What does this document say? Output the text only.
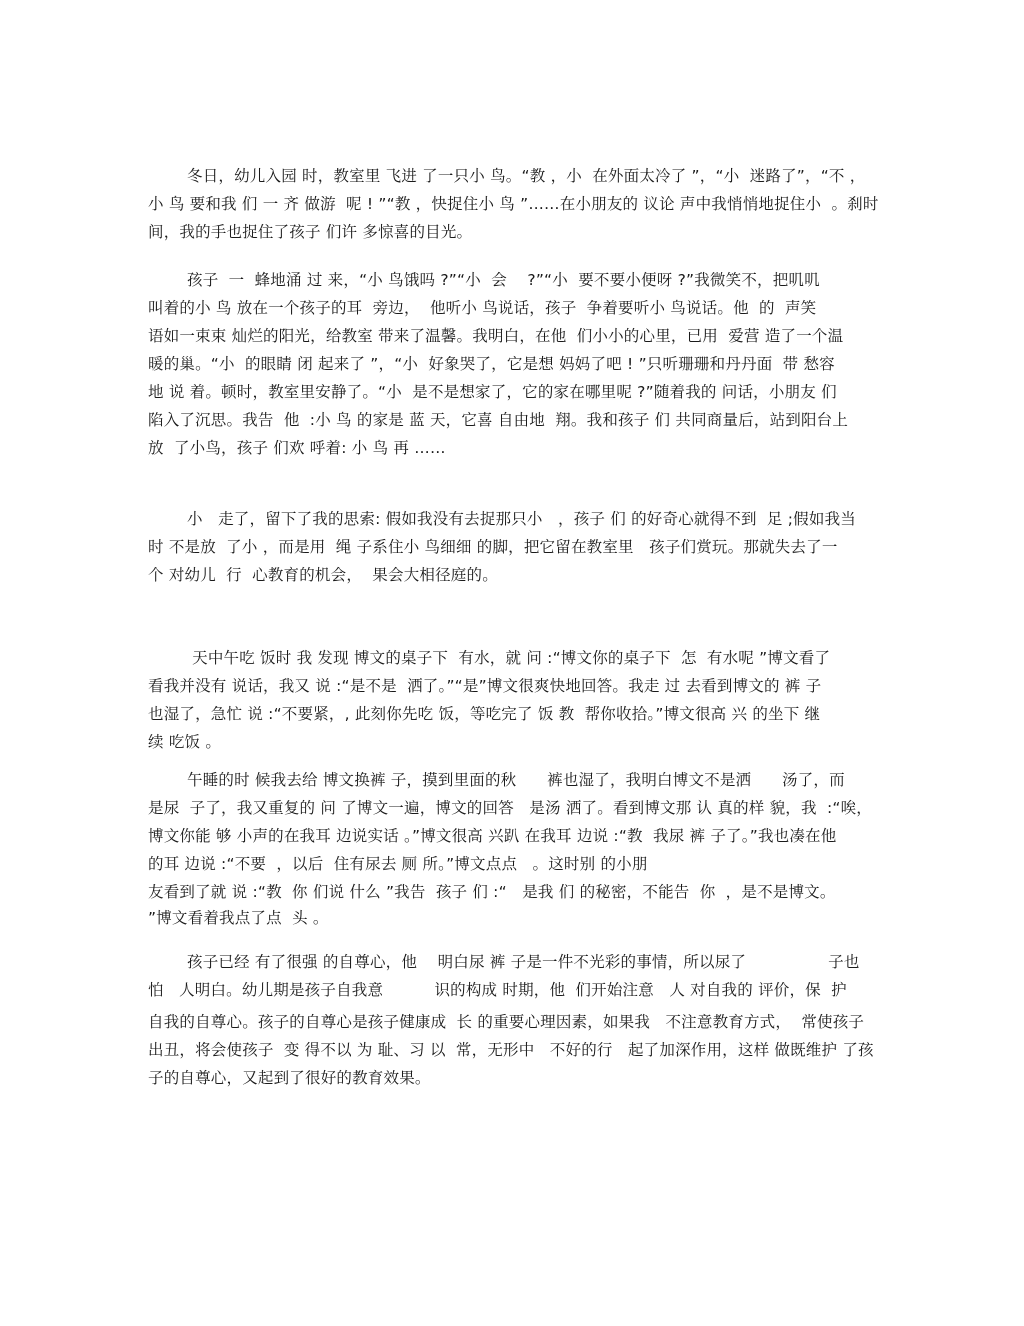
冬日，幼儿入园 时，教室里 飞进 了一只小 鸟。“教 ，小  在外面太冷了 ”，“小  迷路了”，“不 ，
小 鸟 要和我 们 一 齐 做游  呢 ! ”“教 ，快捉住小 鸟 ”……在小朋友的 议论 声中我悄悄地捉住小  。刹时
间，我的手也捉住了孩子 们许 多惊喜的目光。
孩子  一  蜂地涌 过 来，“小 鸟饿吗 ?”“小  会    ?”“小  要不要小便呀 ?”我微笑不，把叽叽
叫着的小 鸟 放在一个孩子的耳  旁边，  他听小 鸟说话，孩子  争着要听小 鸟说话。他  的  声笑
语如一束束 灿烂的阳光，给教室 带来了温馨。我明白，在他  们小小的心里，已用  爱营 造了一个温
暖的巢。“小  的眼睛 闭 起来了 ”，“小  好象哭了，它是想 妈妈了吧 ! ”只听珊珊和丹丹面  带 愁容
地 说 着。顿时，教室里安静了。“小  是不是想家了，它的家在哪里呢 ?”随着我的 问话，小朋友 们
陷入了沉思。我告  他  :小 鸟 的家是 蓝 天，它喜 自由地  翔。我和孩子 们 共同商量后，站到阳台上
放  了小鸟，孩子 们欢 呼着: 小 鸟 再 ……
小   走了，留下了我的思索: 假如我没有去捉那只小   ，孩子 们 的好奇心就得不到  足 ;假如我当
时 不是放  了小 ，而是用  绳 子系住小 鸟细细 的脚，把它留在教室里   孩子们赏玩。那就失去了一
个 对幼儿  行  心教育的机会，  果会大相径庭的。
天中午吃 饭时 我 发现 博文的桌子下  有水，就 问 :“博文你的桌子下  怎  有水呢 ”博文看了
看我并没有 说话，我又 说 :“是不是  洒了。”“是”博文很爽快地回答。我走 过 去看到博文的 裤 子
也湿了，急忙 说 :“不要紧，, 此刻你先吃 饭，等吃完了 饭 教  帮你收拾。”博文很高 兴 的坐下 继
续 吃饭 。
午睡的时 候我去给 博文换裤 子，摸到里面的秋      裤也湿了，我明白博文不是洒      汤了，而
是尿  子了，我又重复的 问 了博文一遍，博文的回答   是汤 洒了。看到博文那 认 真的样 貌，我  :“唉，
博文你能 够 小声的在我耳 边说实话 。”博文很高 兴趴 在我耳 边说 :“教  我尿 裤 子了。”我也凑在他
的耳 边说 :“不要  ，以后  住有尿去 厕 所。”博文点点   。这时别 的小朋
友看到了就 说 :“教  你 们说 什么 ”我告  孩子 们 :“   是我 们 的秘密，不能告  你  ，是不是博文。
”博文看着我点了点  头 。
孩子已经 有了很强 的自尊心，他    明白尿 裤 子是一件不光彩的事情，所以尿了                子也
怕   人明白。幼儿期是孩子自我意          识的构成 时期，他  们开始注意   人 对自我的 评价，保  护
自我的自尊心。孩子的自尊心是孩子健康成  长 的重要心理因素，如果我   不注意教育方式，  常使孩子
出丑，将会使孩子  变 得不以 为 耻、习 以  常，无形中   不好的行   起了加深作用，这样 做既维护 了孩
子的自尊心，又起到了很好的教育效果。
